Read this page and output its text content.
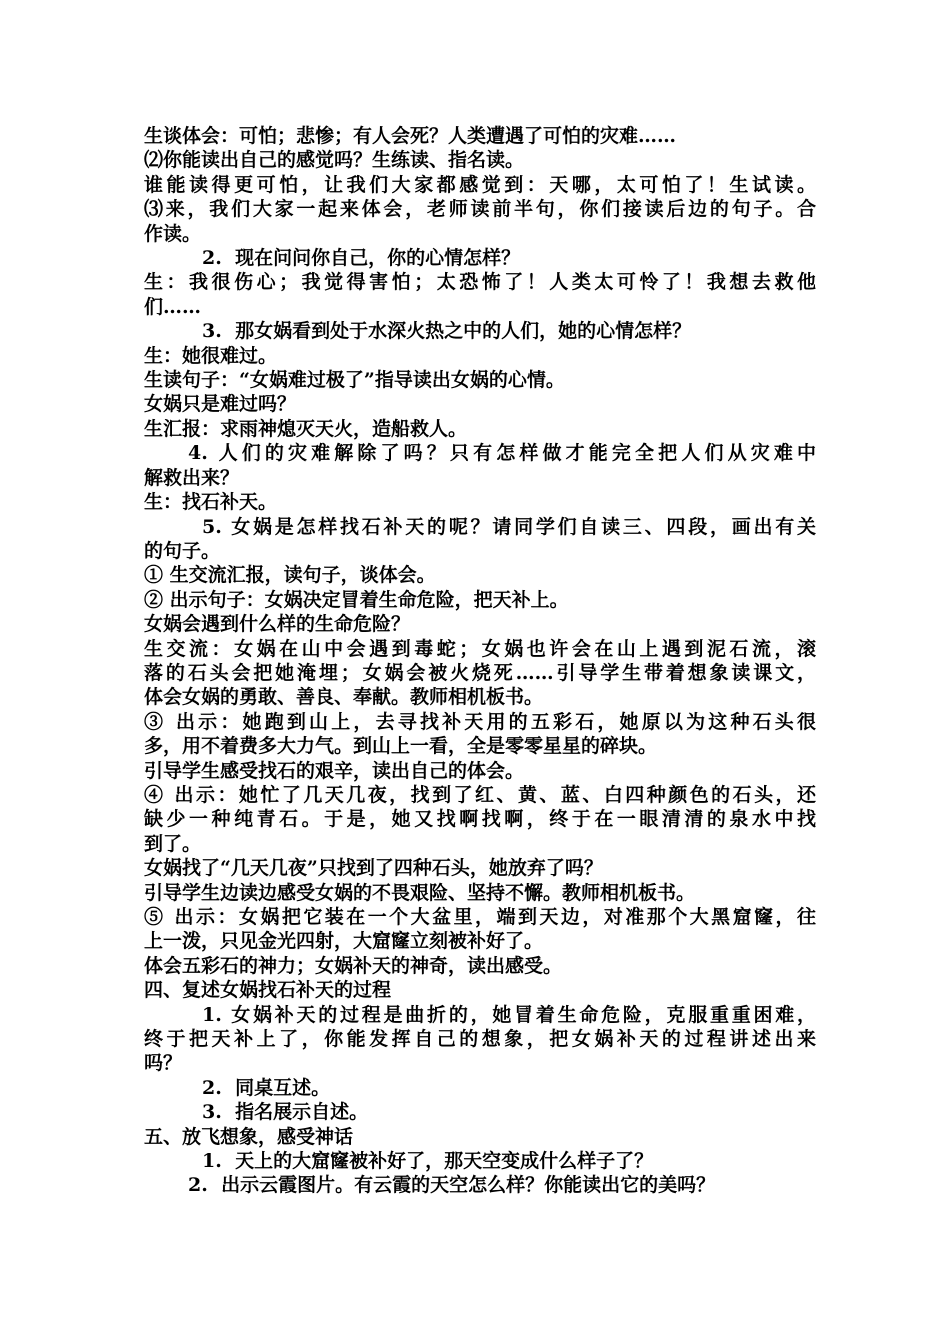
生谈体会：可怕；悲惨；有人会死？人类遭遇了可怕的灾难……
⑵你能读出自己的感觉吗？生练读、指名读。
谁能读得更可怕，让我们大家都感觉到：天哪，太可怕了！生试读。
⑶来，我们大家一起来体会，老师读前半句，你们接读后边的句子。合
作读。
2.  现在问问你自己，你的心情怎样？
生：我很伤心；我觉得害怕；太恐怖了！人类太可怜了！我想去救他
们……
3.  那女娲看到处于水深火热之中的人们，她的心情怎样？
生：她很难过。
生读句子：“女娲难过极了”指导读出女娲的心情。
女娲只是难过吗？
生汇报：求雨神熄灭天火，造船救人。
4. 人们的灾难解除了吗？只有怎样做才能完全把人们从灾难中
解救出来？
生：找石补天。
5. 女娲是怎样找石补天的呢？请同学们自读三、四段，画出有关
的句子。
① 生交流汇报，读句子，谈体会。
② 出示句子：女娲决定冒着生命危险，把天补上。
女娲会遇到什么样的生命危险？
生交流：女娲在山中会遇到毒蛇；女娲也许会在山上遇到泥石流，滚
落的石头会把她淹埋；女娲会被火烧死……引导学生带着想象读课文，
体会女娲的勇敢、善良、奉献。教师相机板书。
③ 出示：她跑到山上，去寻找补天用的五彩石，她原以为这种石头很
多，用不着费多大力气。到山上一看，全是零零星星的碎块。
引导学生感受找石的艰辛，读出自己的体会。
④ 出示：她忙了几天几夜，找到了红、黄、蓝、白四种颜色的石头，还
缺少一种纯青石。于是，她又找啊找啊，终于在一眼清清的泉水中找
到了。
女娲找了“几天几夜”只找到了四种石头，她放弃了吗？
引导学生边读边感受女娲的不畏艰险、坚持不懈。教师相机板书。
⑤ 出示：女娲把它装在一个大盆里，端到天边，对准那个大黑窟窿，往
上一泼，只见金光四射，大窟窿立刻被补好了。
体会五彩石的神力；女娲补天的神奇，读出感受。
四、复述女娲找石补天的过程
1. 女娲补天的过程是曲折的，她冒着生命危险，克服重重困难，
终于把天补上了，你能发挥自己的想象，把女娲补天的过程讲述出来
吗？
2.  同桌互述。
3.  指名展示自述。
五、放飞想象，感受神话
1.  天上的大窟窿被补好了，那天空变成什么样子了？
2.  出示云霞图片。有云霞的天空怎么样？你能读出它的美吗？
